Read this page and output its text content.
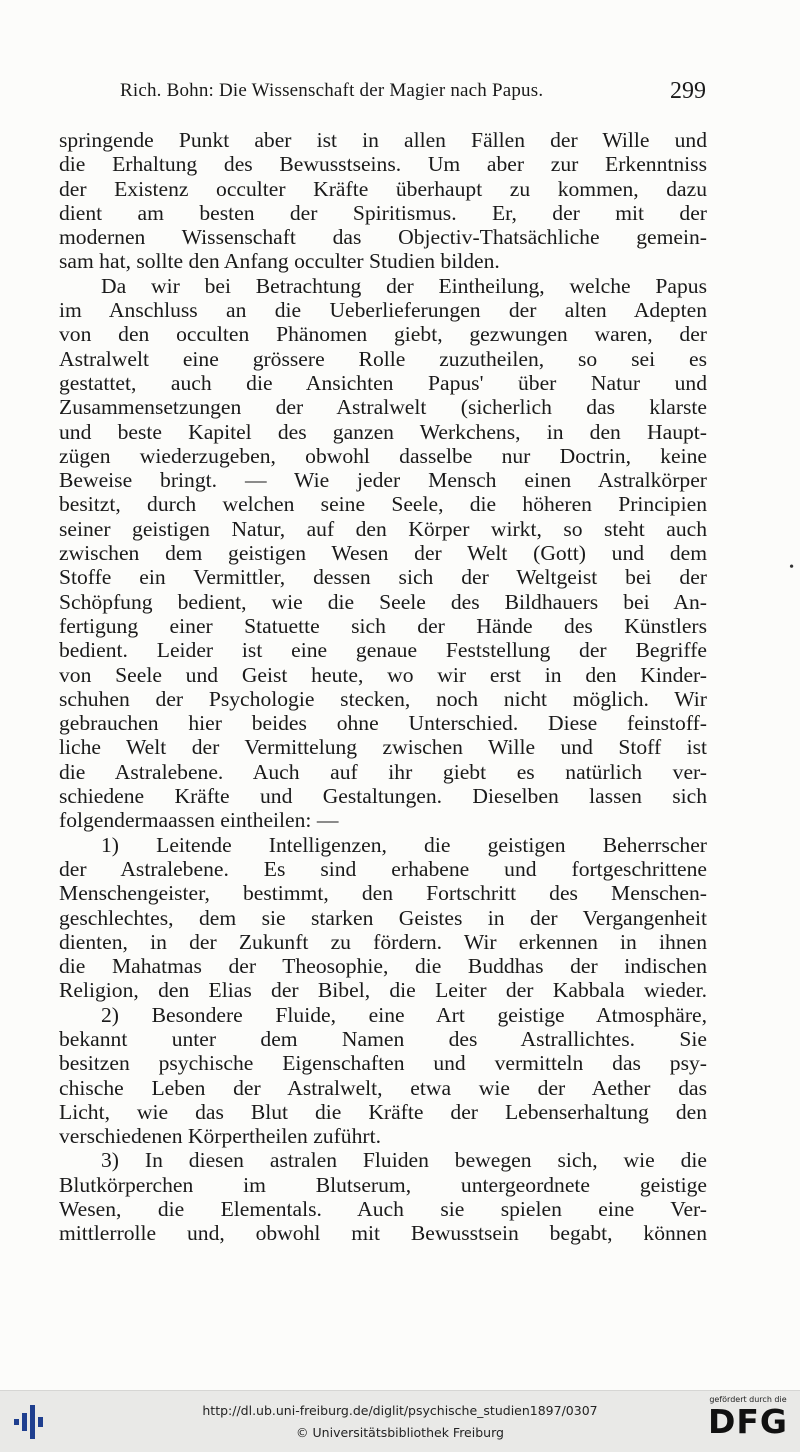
Rich. Bohn: Die Wissenschaft der Magier nach Papus.	299
springende Punkt aber ist in allen Fällen der Wille und
die Erhaltung des Bewusstseins. Um aber zur Erkenntniss
der Existenz occulter Kräfte überhaupt zu kommen, dazu
dient am besten der Spiritismus. Er, der mit der
modernen Wissenschaft das Objectiv-Thatsächliche gemein-
sam hat, sollte den Anfang occulter Studien bilden.
Da wir bei Betrachtung der Eintheilung, welche Papus
im Anschluss an die Ueberlieferungen der alten Adepten
von den occulten Phänomen giebt, gezwungen waren, der
Astralwelt eine grössere Rolle zuzutheilen, so sei es
gestattet, auch die Ansichten Papus' über Natur und
Zusammensetzungen der Astralwelt (sicherlich das klarste
und beste Kapitel des ganzen Werkchens, in den Haupt-
zügen wiederzugeben, obwohl dasselbe nur Doctrin, keine
Beweise bringt. — Wie jeder Mensch einen Astralkörper
besitzt, durch welchen seine Seele, die höheren Principien
seiner geistigen Natur, auf den Körper wirkt, so steht auch
zwischen dem geistigen Wesen der Welt (Gott) und dem
Stoffe ein Vermittler, dessen sich der Weltgeist bei der
Schöpfung bedient, wie die Seele des Bildhauers bei An-
fertigung einer Statuette sich der Hände des Künstlers
bedient. Leider ist eine genaue Feststellung der Begriffe
von Seele und Geist heute, wo wir erst in den Kinder-
schuhen der Psychologie stecken, noch nicht möglich. Wir
gebrauchen hier beides ohne Unterschied. Diese feinstoff-
liche Welt der Vermittelung zwischen Wille und Stoff ist
die Astralebene. Auch auf ihr giebt es natürlich ver-
schiedene Kräfte und Gestaltungen. Dieselben lassen sich
folgendermaassen eintheilen: —
1) Leitende Intelligenzen, die geistigen Beherrscher
der Astralebene. Es sind erhabene und fortgeschrittene
Menschengeister, bestimmt, den Fortschritt des Menschen-
geschlechtes, dem sie starken Geistes in der Vergangenheit
dienten, in der Zukunft zu fördern. Wir erkennen in ihnen
die Mahatmas der Theosophie, die Buddhas der indischen
Religion, den Elias der Bibel, die Leiter der Kabbala wieder.
2) Besondere Fluide, eine Art geistige Atmosphäre,
bekannt unter dem Namen des Astrallichtes. Sie
besitzen psychische Eigenschaften und vermitteln das psy-
chische Leben der Astralwelt, etwa wie der Aether das
Licht, wie das Blut die Kräfte der Lebenserhaltung den
verschiedenen Körpertheilen zuführt.
3) In diesen astralen Fluiden bewegen sich, wie die
Blutkörperchen im Blutserum, untergeordnete geistige
Wesen, die Elementals. Auch sie spielen eine Ver-
mittlerrolle und, obwohl mit Bewusstsein begabt, können
•
http://dl.ub.uni-freiburg.de/diglit/psychische_studien1897/0307
© Universitätsbibliothek Freiburg
gefördert durch die
DFG
